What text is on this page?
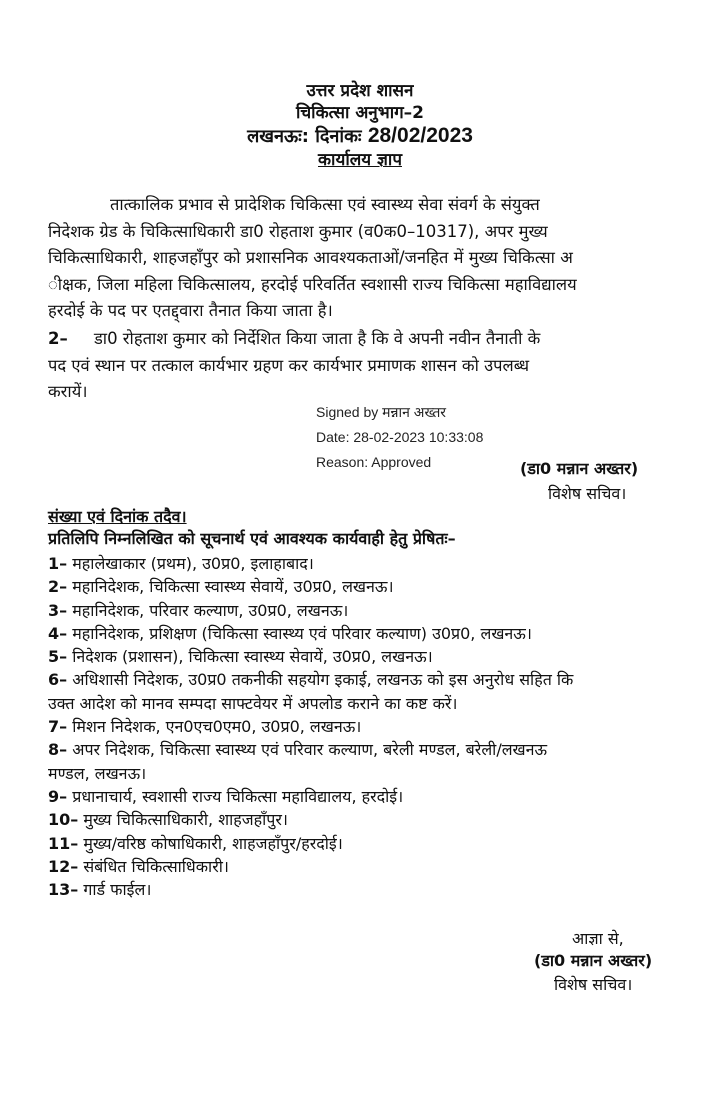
उत्तर प्रदेश शासन
चिकित्सा अनुभाग–2
लखनऊः: दिनांकः 28/02/2023
कार्यालय ज्ञाप
तात्कालिक प्रभाव से प्रादेशिक चिकित्सा एवं स्वास्थ्य सेवा संवर्ग के संयुक्त
निदेशक ग्रेड के चिकित्साधिकारी डा0 रोहताश कुमार (व0क0–10317), अपर मुख्य
चिकित्साधिकारी, शाहजहाँपुर को प्रशासनिक आवश्यकताओं/जनहित में मुख्य चिकित्सा अ
ीक्षक, जिला महिला चिकित्सालय, हरदोई परिवर्तित स्वशासी राज्य चिकित्सा महाविद्यालय
हरदोई के पद पर एतद्द्वारा तैनात किया जाता है।
2– डा0 रोहताश कुमार को निर्देशित किया जाता है कि वे अपनी नवीन तैनाती के
पद एवं स्थान पर तत्काल कार्यभार ग्रहण कर कार्यभार प्रमाणक शासन को उपलब्ध
करायें।
Signed by मन्नान अख्तर
Date: 28-02-2023 10:33:08
Reason: Approved	(डा0 मन्नान अख्तर)
विशेष सचिव।
संख्या एवं दिनांक तदैव।
प्रतिलिपि निम्नलिखित को सूचनार्थ एवं आवश्यक कार्यवाही हेतु प्रेषितः–
1– महालेखाकार (प्रथम), उ0प्र0, इलाहाबाद।
2– महानिदेशक, चिकित्सा स्वास्थ्य सेवायें, उ0प्र0, लखनऊ।
3– महानिदेशक, परिवार कल्याण, उ0प्र0, लखनऊ।
4– महानिदेशक, प्रशिक्षण (चिकित्सा स्वास्थ्य एवं परिवार कल्याण) उ0प्र0, लखनऊ।
5– निदेशक (प्रशासन), चिकित्सा स्वास्थ्य सेवायें, उ0प्र0, लखनऊ।
6– अधिशासी निदेशक, उ0प्र0 तकनीकी सहयोग इकाई, लखनऊ को इस अनुरोध सहित कि
उक्त आदेश को मानव सम्पदा साफ्टवेयर में अपलोड कराने का कष्ट करें।
7– मिशन निदेशक, एन0एच0एम0, उ0प्र0, लखनऊ।
8– अपर निदेशक, चिकित्सा स्वास्थ्य एवं परिवार कल्याण, बरेली मण्डल, बरेली/लखनऊ
मण्डल, लखनऊ।
9– प्रधानाचार्य, स्वशासी राज्य चिकित्सा महाविद्यालय, हरदोई।
10– मुख्य चिकित्साधिकारी, शाहजहाँपुर।
11– मुख्य/वरिष्ठ कोषाधिकारी, शाहजहाँपुर/हरदोई।
12– संबंधित चिकित्साधिकारी।
13– गार्ड फाईल।
आज्ञा से,
(डा0 मन्नान अख्तर)
विशेष सचिव।
